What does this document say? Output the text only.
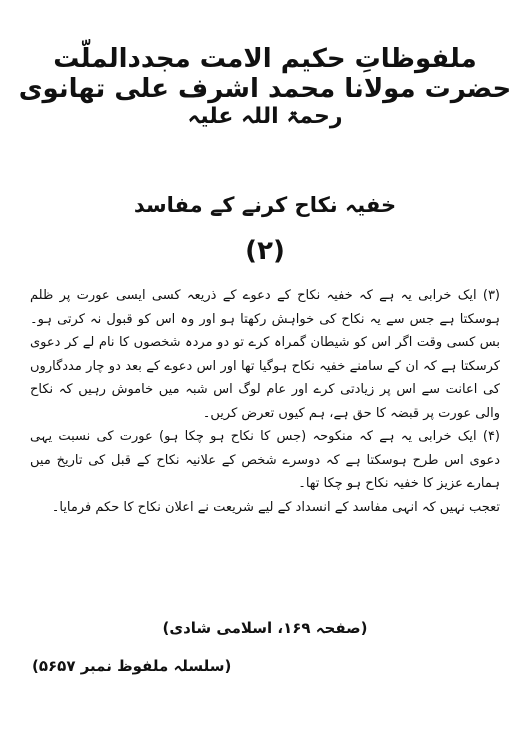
ملفوظاتِ حکیم الامت مجددالملّت حضرت مولانا محمد اشرف علی تھانوی
رحمۃ اللہ علیہ
خفیہ نکاح کرنے کے مفاسد
(۲)

(۳) ایک خرابی یہ ہے کہ خفیہ نکاح کے دعوے کے ذریعہ کسی ایسی عورت پر ظلم ہوسکتا ہے جس سے یہ نکاح کی خواہش رکھتا ہو اور وہ اس کو قبول نہ کرتی ہو۔ بس کسی وقت اگر اس کو شیطان گمراہ کرے تو دو مردہ شخصوں کا نام لے کر دعوی کرسکتا ہے کہ ان کے سامنے خفیہ نکاح ہوگیا تھا اور اس دعوے کے بعد دو چار مددگاروں کی اعانت سے اس پر زیادتی کرے اور عام لوگ اس شبہ میں خاموش رہیں کہ نکاح والی عورت پر قبضہ کا حق ہے، ہم کیوں تعرض کریں۔

(۴) ایک خرابی یہ ہے کہ منکوحہ (جس کا نکاح ہو چکا ہو) عورت کی نسبت یہی دعوی اس طرح ہوسکتا ہے کہ دوسرے شخص کے علانیہ نکاح کے قبل کی تاریخ میں ہمارے عزیز کا خفیہ نکاح ہو چکا تھا۔

تعجب نہیں کہ انہی مفاسد کے انسداد کے لیے شریعت نے اعلان نکاح کا حکم فرمایا۔

(صفحہ ۱۶۹، اسلامی شادی)
(سلسلہ ملفوظ نمبر ۵۶۵۷)
